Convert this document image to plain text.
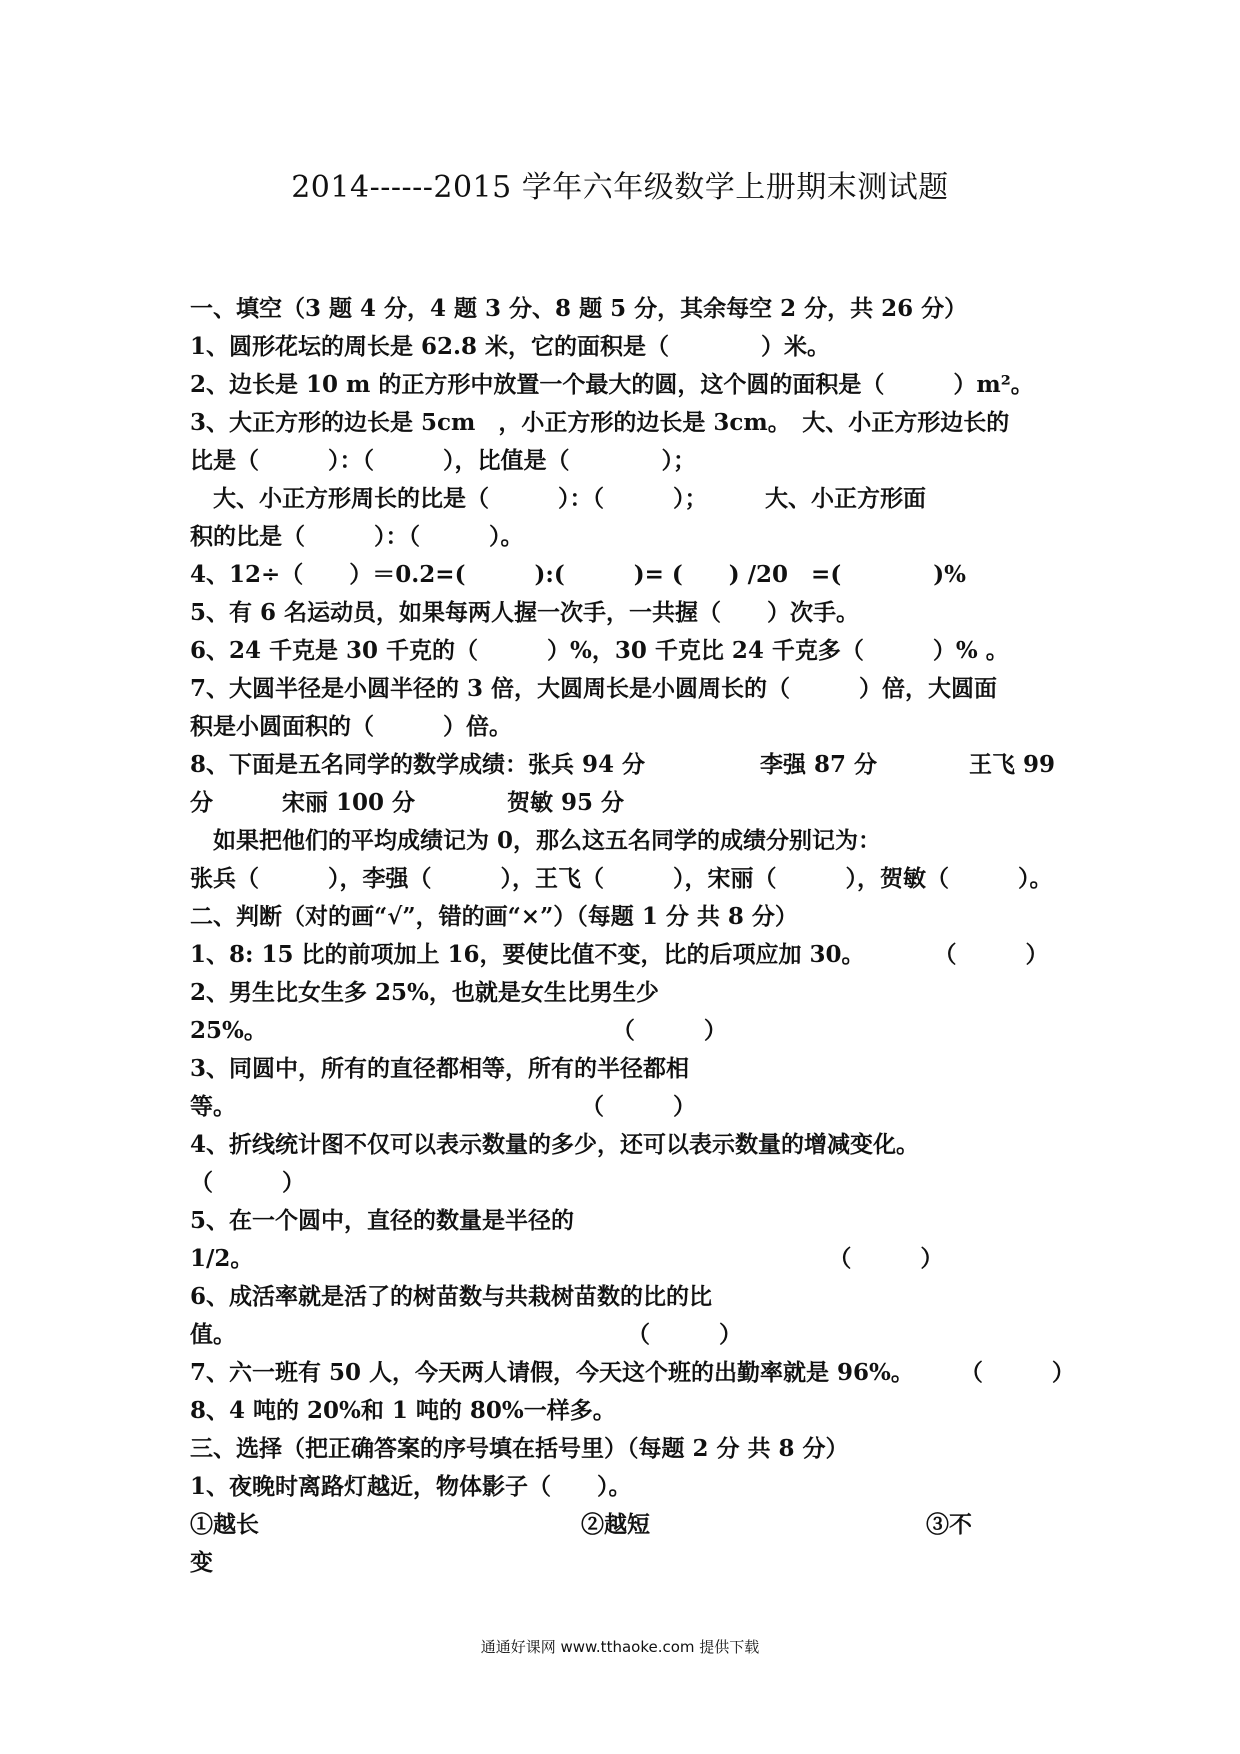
2014------2015 学年六年级数学上册期末测试题
一、填空（3 题 4 分，4 题 3 分、8 题 5 分，其余每空 2 分，共 26 分）
1、圆形花坛的周长是 62.8 米，它的面积是（　　　　）米。
2、边长是 10 m 的正方形中放置一个最大的圆，这个圆的面积是（　　　）m²。
3、大正方形的边长是 5cm　，小正方形的边长是 3cm。　大、小正方形边长的
比是（　　　）：（　　　），比值是（　　　　）；
　大、小正方形周长的比是（　　　）：（　　　）；　　　大、小正方形面
积的比是（　　　）：（　　　）。
4、12÷（　　）＝0.2=(　　　):(　　　)= (　　) /20　=(　　　　)%
5、有 6 名运动员，如果每两人握一次手，一共握（　　）次手。
6、24 千克是 30 千克的（　　　）%，30 千克比 24 千克多（　　　）% 。
7、大圆半径是小圆半径的 3 倍，大圆周长是小圆周长的（　　　）倍，大圆面
积是小圆面积的（　　　）倍。
8、下面是五名同学的数学成绩：张兵 94 分　　　　　李强 87 分　　　　王飞 99
分　　　宋丽 100 分　　　　贺敏 95 分
　如果把他们的平均成绩记为 0，那么这五名同学的成绩分别记为：
张兵（　　　），李强（　　　），王飞（　　　），宋丽（　　　），贺敏（　　　）。
二、判断（对的画“√”，错的画“×”）（每题 1 分 共 8 分）
1、8: 15 比的前项加上 16，要使比值不变，比的后项应加 30。　　　　（　　　）
2、男生比女生多 25%，也就是女生比男生少
25%。　　　　　　　　　　　　　　　　（　　　）
3、同圆中，所有的直径都相等，所有的半径都相
等。　　　　　　　　　　　　　　　　（　　　）
4、折线统计图不仅可以表示数量的多少，还可以表示数量的增减变化。
（　　　）
5、在一个圆中，直径的数量是半径的
1/2。　　　　　　　　　　　　　　　　　　　　　　　　　　（　　　）
6、成活率就是活了的树苗数与共栽树苗数的比的比
值。　　　　　　　　　　　　　　　　　　（　　　）
7、六一班有 50 人，今天两人请假，今天这个班的出勤率就是 96%。　　　（　　　）
8、4 吨的 20%和 1 吨的 80%一样多。
三、选择（把正确答案的序号填在括号里）（每题 2 分 共 8 分）
1、夜晚时离路灯越近，物体影子（　　）。
①越长　　　　　　　　　　　　　　②越短　　　　　　　　　　　　③不
变
通通好课网 www.tthaoke.com 提供下载
